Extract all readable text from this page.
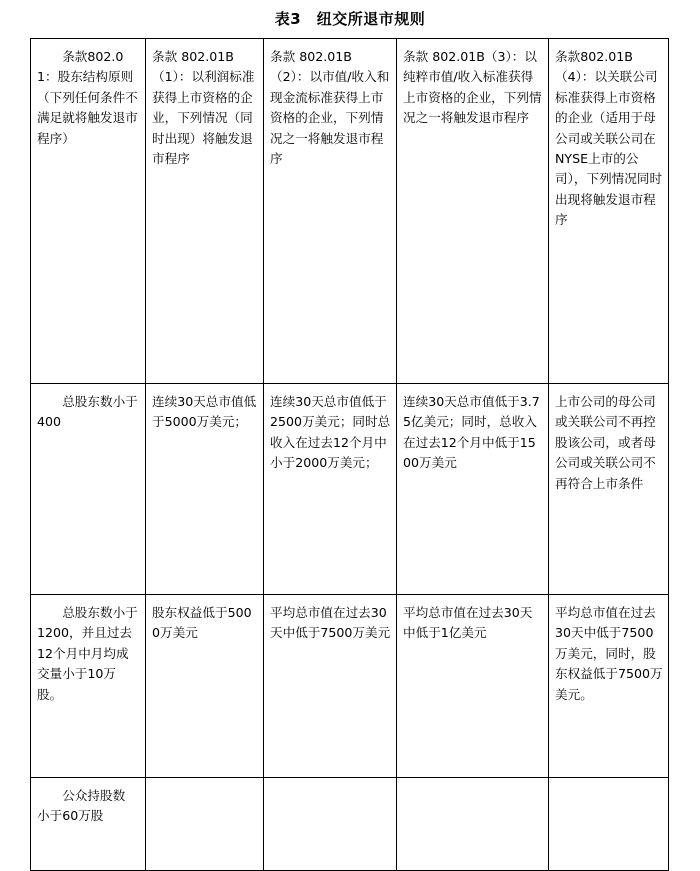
表3　纽交所退市规则
条款802.01：股东结构原则（下列任何条件不满足就将触发退市程序）	条款 802.01B（1）：以利润标准获得上市资格的企业，下列情况（同时出现）将触发退市程序	条款 802.01B（2）：以市值/收入和现金流标准获得上市资格的企业，下列情况之一将触发退市程序	条款 802.01B（3）：以纯粹市值/收入标准获得上市资格的企业，下列情况之一将触发退市程序	条款802.01B（4）：以关联公司标准获得上市资格的企业（适用于母公司或关联公司在NYSE上市的公司），下列情况同时出现将触发退市程序
总股东数小于400	连续30天总市值低于5000万美元；	连续30天总市值低于2500万美元；同时总收入在过去12个月中小于2000万美元；	连续30天总市值低于3.75亿美元；同时，总收入在过去12个月中低于1500万美元	上市公司的母公司或关联公司不再控股该公司，或者母公司或关联公司不再符合上市条件
总股东数小于1200，并且过去12个月中月均成交量小于10万股。	股东权益低于5000万美元	平均总市值在过去30天中低于7500万美元	平均总市值在过去30天中低于1亿美元	平均总市值在过去30天中低于7500万美元，同时，股东权益低于7500万美元。
公众持股数 小于60万股				
